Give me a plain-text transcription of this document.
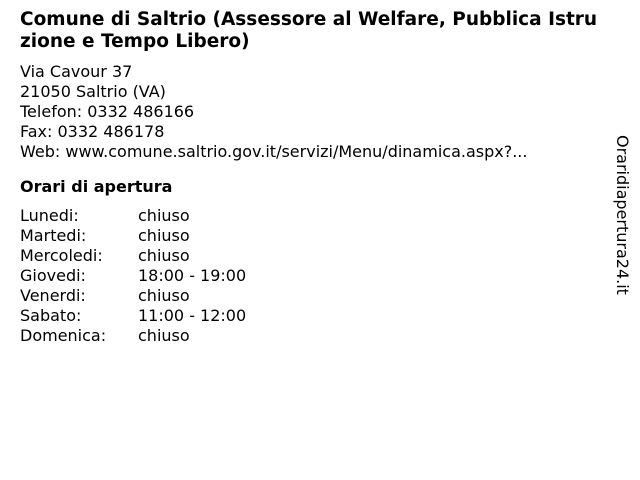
Comune di Saltrio (Assessore al Welfare, Pubblica Istruzione e Tempo Libero)
Via Cavour 37
21050 Saltrio (VA)
Telefon: 0332 486166
Fax: 0332 486178
Web: www.comune.saltrio.gov.it/servizi/Menu/dinamica.aspx?...
Orari di apertura
Lunedi:	chiuso
Martedi:	chiuso
Mercoledi:	chiuso
Giovedi:	18:00 - 19:00
Venerdi:	chiuso
Sabato:	11:00 - 12:00
Domenica:	chiuso
Oraridiapertura24.it
